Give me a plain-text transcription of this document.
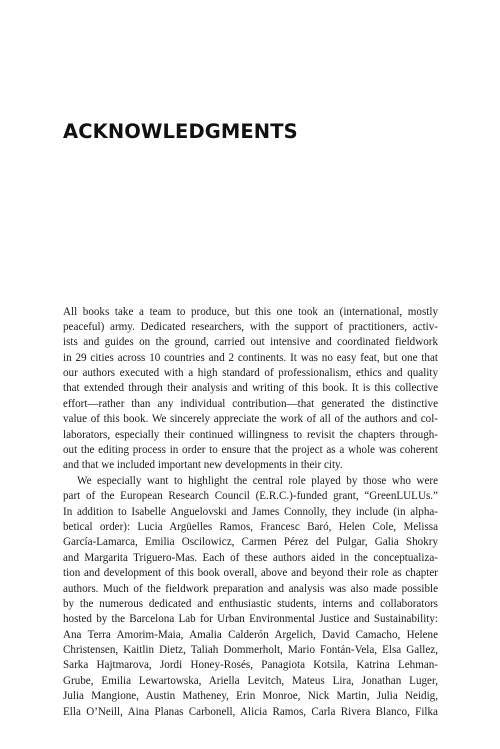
ACKNOWLEDGMENTS
All books take a team to produce, but this one took an (international, mostly
peaceful) army. Dedicated researchers, with the support of practitioners, activ-
ists and guides on the ground, carried out intensive and coordinated fieldwork
in 29 cities across 10 countries and 2 continents. It was no easy feat, but one that
our authors executed with a high standard of professionalism, ethics and quality
that extended through their analysis and writing of this book. It is this collective
effort—rather than any individual contribution—that generated the distinctive
value of this book. We sincerely appreciate the work of all of the authors and col-
laborators, especially their continued willingness to revisit the chapters through-
out the editing process in order to ensure that the project as a whole was coherent
and that we included important new developments in their city.
We especially want to highlight the central role played by those who were
part of the European Research Council (E.R.C.)-funded grant, “GreenLULUs.”
In addition to Isabelle Anguelovski and James Connolly, they include (in alpha-
betical order): Lucia Argüelles Ramos, Francesc Baró, Helen Cole, Melissa
García-Lamarca, Emilia Oscilowicz, Carmen Pérez del Pulgar, Galia Shokry
and Margarita Triguero-Mas. Each of these authors aided in the conceptualiza-
tion and development of this book overall, above and beyond their role as chapter
authors. Much of the fieldwork preparation and analysis was also made possible
by the numerous dedicated and enthusiastic students, interns and collaborators
hosted by the Barcelona Lab for Urban Environmental Justice and Sustainability:
Ana Terra Amorim-Maia, Amalia Calderón Argelich, David Camacho, Helene
Christensen, Kaitlin Dietz, Taliah Dommerholt, Mario Fontán-Vela, Elsa Gallez,
Sarka Hajtmarova, Jordi Honey-Rosés, Panagiota Kotsila, Katrina Lehman-
Grube, Emilia Lewartowska, Ariella Levitch, Mateus Lira, Jonathan Luger,
Julia Mangione, Austin Matheney, Erin Monroe, Nick Martin, Julia Neidig,
Ella O’Neill, Aina Planas Carbonell, Alicia Ramos, Carla Rivera Blanco, Filka
